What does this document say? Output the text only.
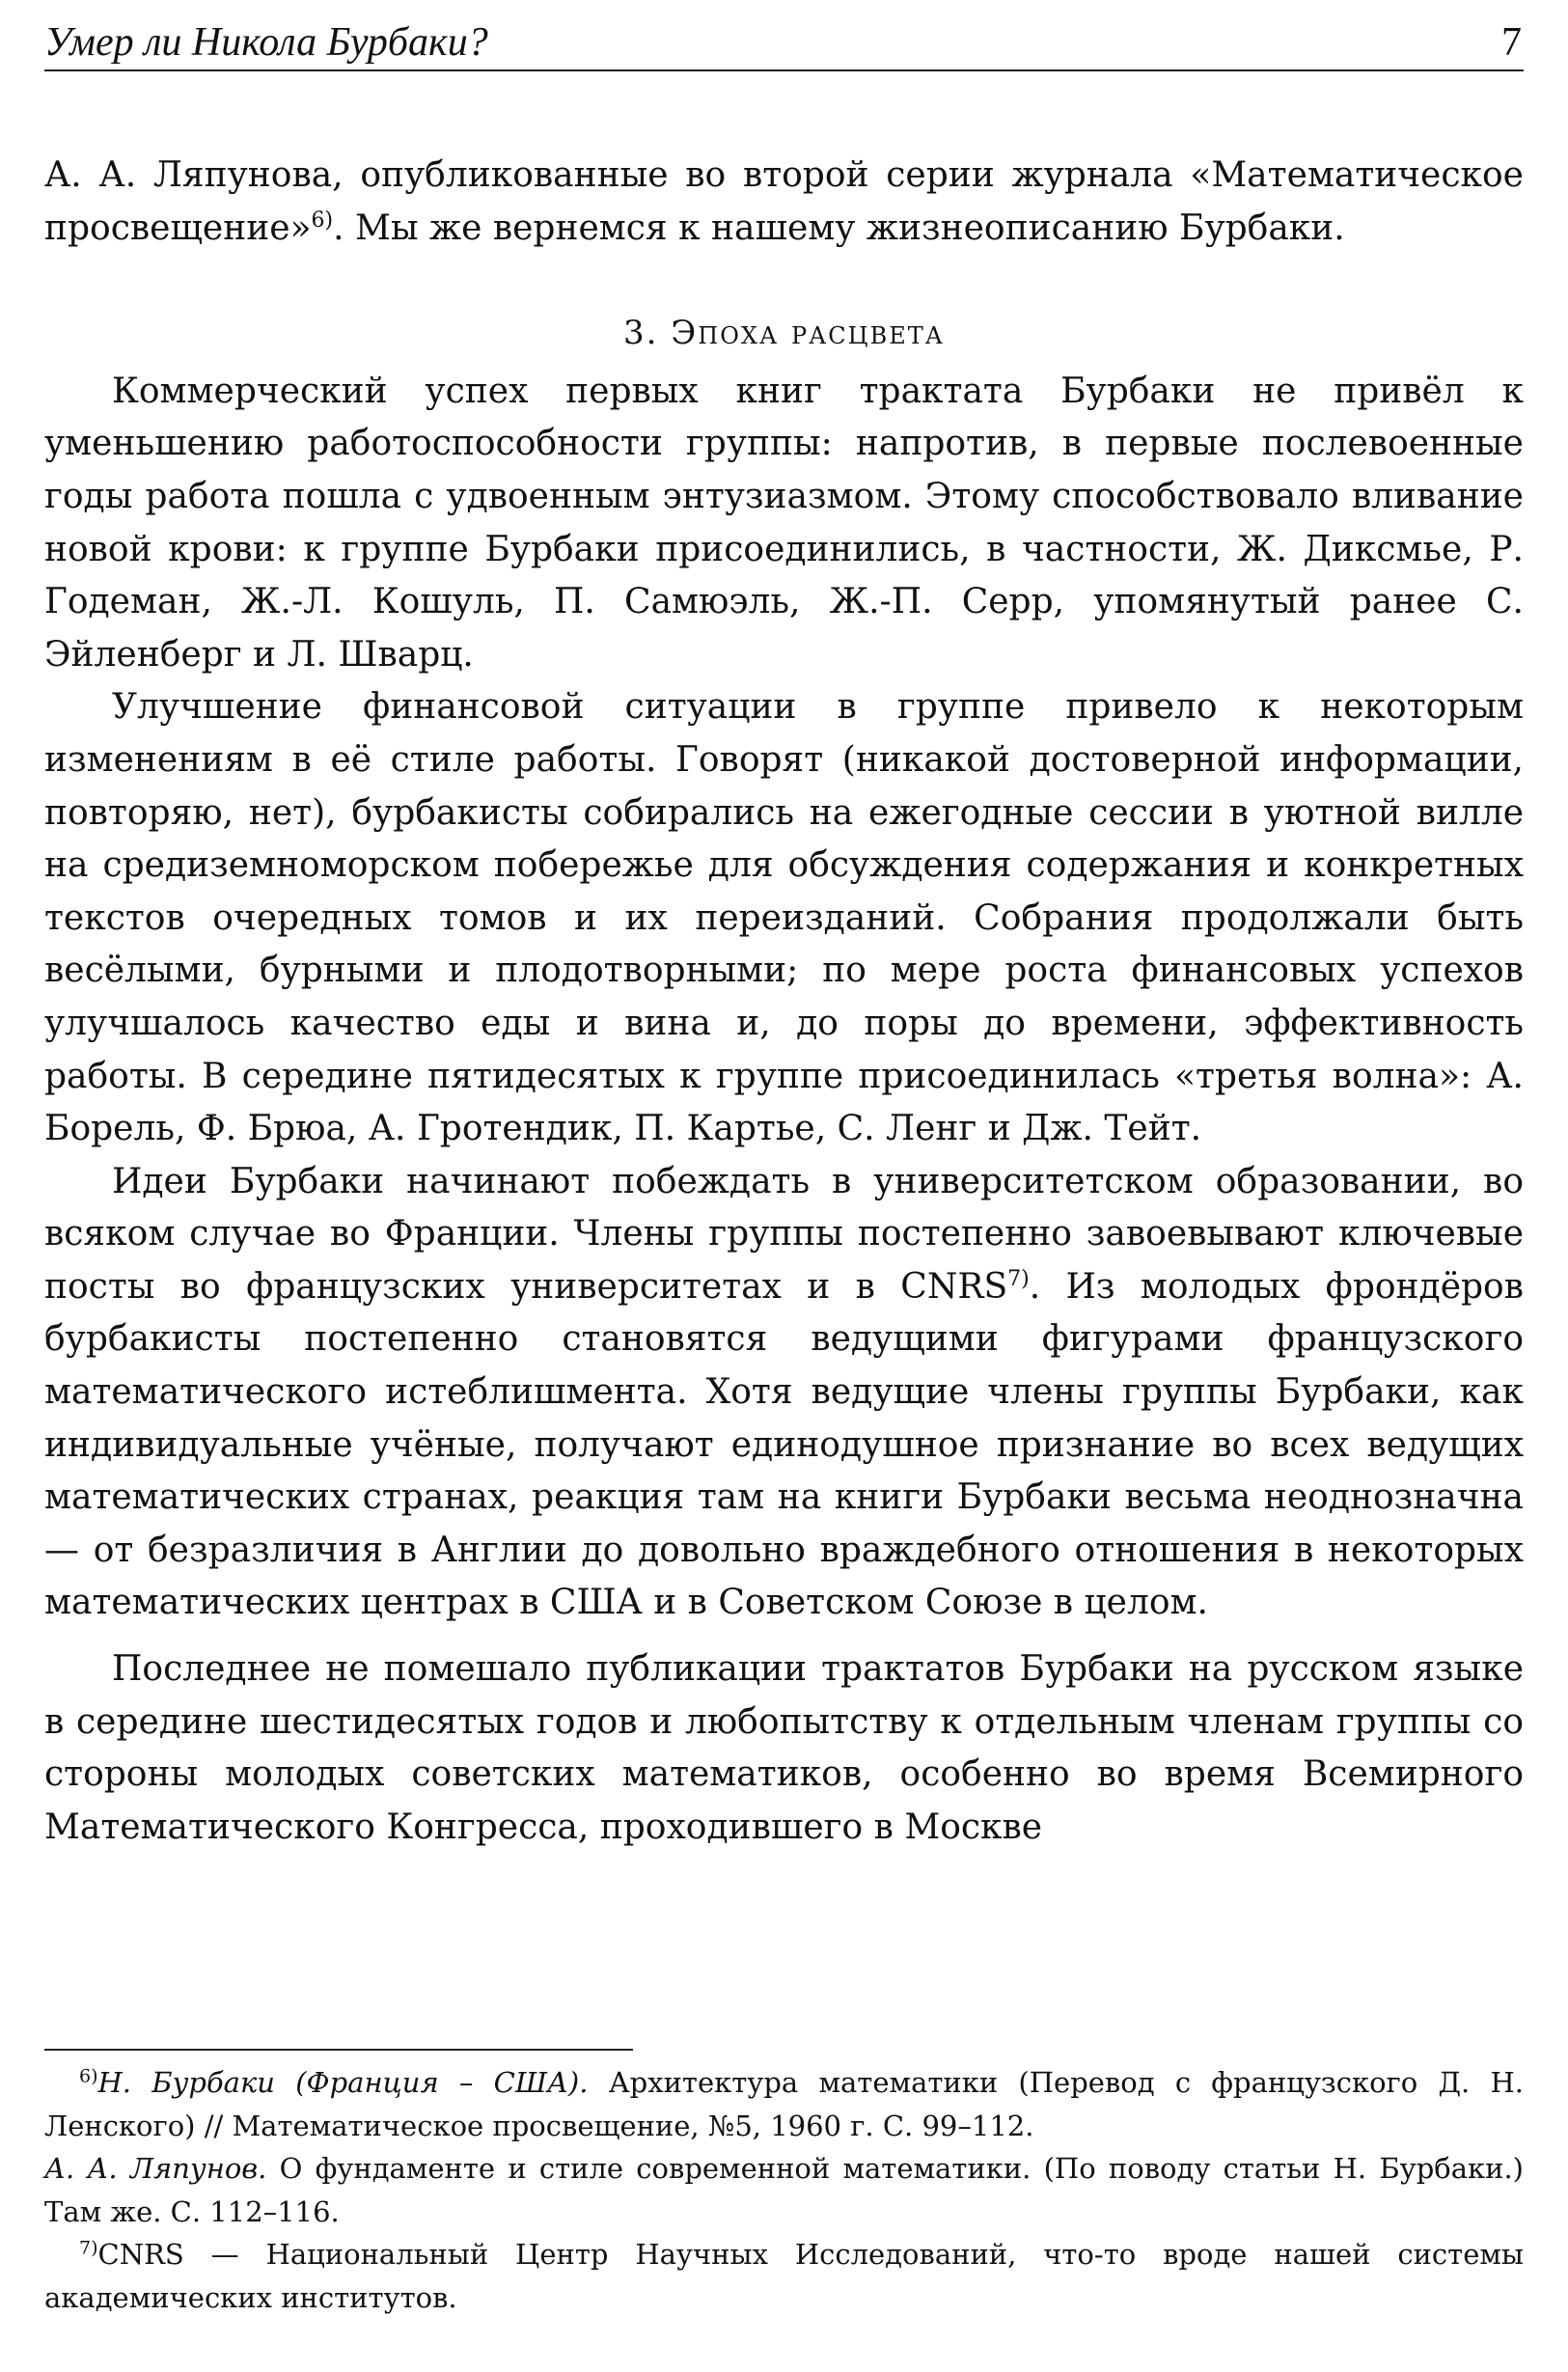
Умер ли Никола Бурбаки?	7

А. А. Ляпунова, опубликованные во второй серии журнала «Математическое просвещение»$^{6)}$. Мы же вернемся к нашему жизнеописанию Бурбаки.

3. Эпоха расцвета

Коммерческий успех первых книг трактата Бурбаки не привёл к уменьшению работоспособности группы: напротив, в первые послевоенные годы работа пошла с удвоенным энтузиазмом. Этому способствовало вливание новой крови: к группе Бурбаки присоединились, в частности, Ж. Диксмье, Р. Годеман, Ж.-Л. Кошуль, П. Самюэль, Ж.-П. Серр, упомянутый ранее С. Эйленберг и Л. Шварц.

Улучшение финансовой ситуации в группе привело к некоторым изменениям в её стиле работы. Говорят (никакой достоверной информации, повторяю, нет), бурбакисты собирались на ежегодные сессии в уютной вилле на средиземноморском побережье для обсуждения содержания и конкретных текстов очередных томов и их переизданий. Собрания продолжали быть весёлыми, бурными и плодотворными; по мере роста финансовых успехов улучшалось качество еды и вина и, до поры до времени, эффективность работы. В середине пятидесятых к группе присоединилась «третья волна»: А. Борель, Ф. Брюа, А. Гротендик, П. Картье, С. Ленг и Дж. Тейт.

Идеи Бурбаки начинают побеждать в университетском образовании, во всяком случае во Франции. Члены группы постепенно завоевывают ключевые посты во французских университетах и в CNRS$^{7)}$. Из молодых фрондёров бурбакисты постепенно становятся ведущими фигурами французского математического истеблишмента. Хотя ведущие члены группы Бурбаки, как индивидуальные учёные, получают единодушное признание во всех ведущих математических странах, реакция там на книги Бурбаки весьма неоднозначна — от безразличия в Англии до довольно враждебного отношения в некоторых математических центрах в США и в Советском Союзе в целом.

Последнее не помешало публикации трактатов Бурбаки на русском языке в середине шестидесятых годов и любопытству к отдельным членам группы со стороны молодых советских математиков, особенно во время Всемирного Математического Конгресса, проходившего в Москве

$^{6)}$Н. Бурбаки (Франция – США). Архитектура математики (Перевод с французского Д. Н. Ленского) // Математическое просвещение, №5, 1960 г. С. 99–112.

А. А. Ляпунов. О фундаменте и стиле современной математики. (По поводу статьи Н. Бурбаки.) Там же. С. 112–116.

$^{7)}$CNRS — Национальный Центр Научных Исследований, что-то вроде нашей системы академических институтов.
